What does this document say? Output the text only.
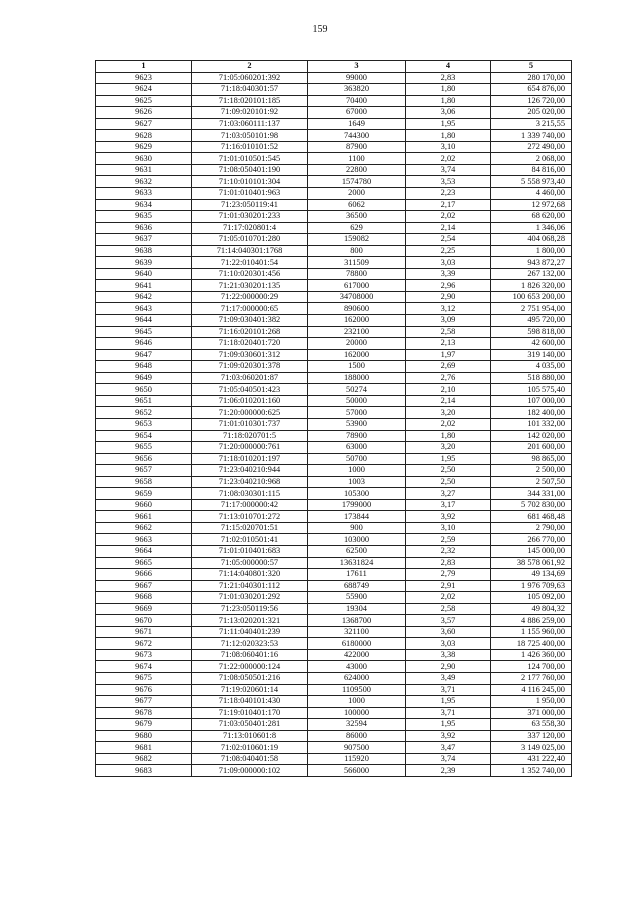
159
1	2	3	4	5
9623	71:05:060201:392	99000	2,83	280 170,00
9624	71:18:040301:57	363820	1,80	654 876,00
9625	71:18:020101:185	70400	1,80	126 720,00
9626	71:09:020101:92	67000	3,06	205 020,00
9627	71:03:060111:137	1649	1,95	3 215,55
9628	71:03:050101:98	744300	1,80	1 339 740,00
9629	71:16:010101:52	87900	3,10	272 490,00
9630	71:01:010501:545	1100	2,02	2 068,00
9631	71:08:050401:190	22800	3,74	84 816,00
9632	71:10:010101:304	1574780	3,53	5 558 973,40
9633	71:01:010401:963	2000	2,23	4 460,00
9634	71:23:050119:41	6062	2,17	12 972,68
9635	71:01:030201:233	36500	2,02	68 620,00
9636	71:17:020801:4	629	2,14	1 346,06
9637	71:05:010701:280	159082	2,54	404 068,28
9638	71:14:040301:1768	800	2,25	1 800,00
9639	71:22:010401:54	311509	3,03	943 872,27
9640	71:10:020301:456	78800	3,39	267 132,00
9641	71:21:030201:135	617000	2,96	1 826 320,00
9642	71:22:000000:29	34708000	2,90	100 653 200,00
9643	71:17:000000:65	890600	3,12	2 751 954,00
9644	71:09:030401:382	162000	3,09	495 720,00
9645	71:16:020101:268	232100	2,58	598 818,00
9646	71:18:020401:720	20000	2,13	42 600,00
9647	71:09:030601:312	162000	1,97	319 140,00
9648	71:09:020301:378	1500	2,69	4 035,00
9649	71:03:060201:87	188000	2,76	518 880,00
9650	71:05:040501:423	50274	2,10	105 575,40
9651	71:06:010201:160	50000	2,14	107 000,00
9652	71:20:000000:625	57000	3,20	182 400,00
9653	71:01:010301:737	53900	2,02	101 332,00
9654	71:18:020701:5	78900	1,80	142 020,00
9655	71:20:000000:761	63000	3,20	201 600,00
9656	71:18:010201:197	50700	1,95	98 865,00
9657	71:23:040210:944	1000	2,50	2 500,00
9658	71:23:040210:968	1003	2,50	2 507,50
9659	71:08:030301:115	105300	3,27	344 331,00
9660	71:17:000000:42	1799000	3,17	5 702 830,00
9661	71:13:010701:272	173844	3,92	681 468,48
9662	71:15:020701:51	900	3,10	2 790,00
9663	71:02:010501:41	103000	2,59	266 770,00
9664	71:01:010401:683	62500	2,32	145 000,00
9665	71:05:000000:57	13631824	2,83	38 578 061,92
9666	71:14:040801:320	17611	2,79	49 134,69
9667	71:21:040301:112	688749	2,91	1 976 709,63
9668	71:01:030201:292	55900	2,02	105 092,00
9669	71:23:050119:56	19304	2,58	49 804,32
9670	71:13:020201:321	1368700	3,57	4 886 259,00
9671	71:11:040401:239	321100	3,60	1 155 960,00
9672	71:12:020323:53	6180000	3,03	18 725 400,00
9673	71:08:060401:16	422000	3,38	1 426 360,00
9674	71:22:000000:124	43000	2,90	124 700,00
9675	71:08:050501:216	624000	3,49	2 177 760,00
9676	71:19:020601:14	1109500	3,71	4 116 245,00
9677	71:18:040101:430	1000	1,95	1 950,00
9678	71:19:010401:170	100000	3,71	371 000,00
9679	71:03:050401:281	32594	1,95	63 558,30
9680	71:13:010601:8	86000	3,92	337 120,00
9681	71:02:010601:19	907500	3,47	3 149 025,00
9682	71:08:040401:58	115920	3,74	431 222,40
9683	71:09:000000:102	566000	2,39	1 352 740,00
